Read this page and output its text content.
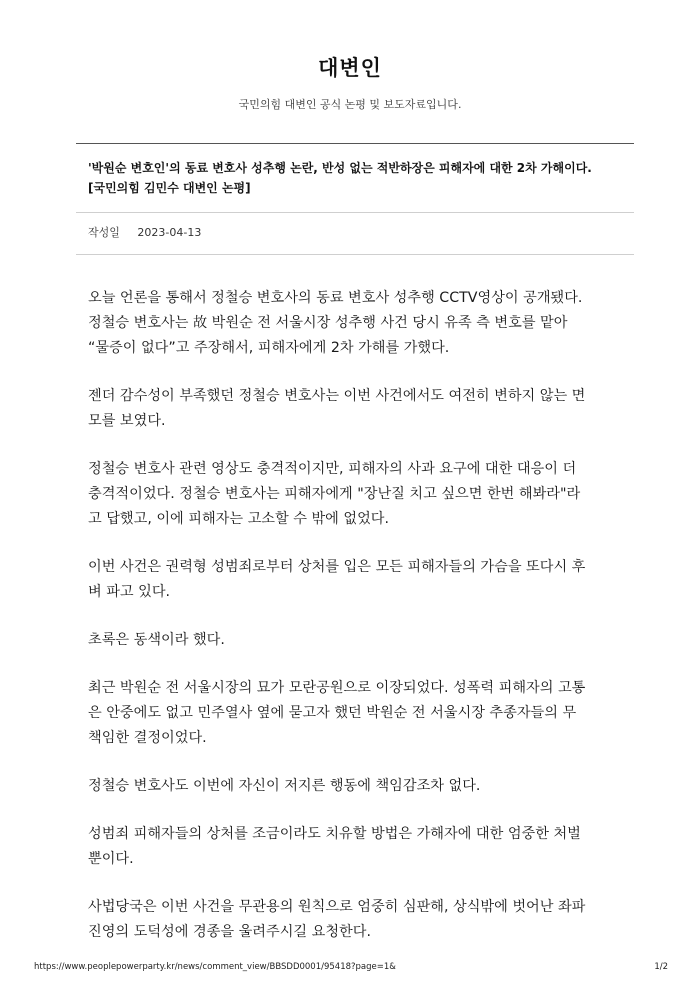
대변인
국민의힘 대변인 공식 논평 및 보도자료입니다.
'박원순 변호인'의 동료 변호사 성추행 논란, 반성 없는 적반하장은 피해자에 대한 2차 가해이다.
[국민의힘 김민수 대변인 논평]
작성일 2023-04-13
오늘 언론을 통해서 정철승 변호사의 동료 변호사 성추행 CCTV영상이 공개됐다.
정철승 변호사는 故 박원순 전 서울시장 성추행 사건 당시 유족 측 변호를 맡아
“물증이 없다”고 주장해서, 피해자에게 2차 가해를 가했다.
젠더 감수성이 부족했던 정철승 변호사는 이번 사건에서도 여전히 변하지 않는 면
모를 보였다.
정철승 변호사 관련 영상도 충격적이지만, 피해자의 사과 요구에 대한 대응이 더
충격적이었다. 정철승 변호사는 피해자에게 "장난질 치고 싶으면 한번 해봐라"라
고 답했고, 이에 피해자는 고소할 수 밖에 없었다.
이번 사건은 권력형 성범죄로부터 상처를 입은 모든 피해자들의 가슴을 또다시 후
벼 파고 있다.
초록은 동색이라 했다.
최근 박원순 전 서울시장의 묘가 모란공원으로 이장되었다. 성폭력 피해자의 고통
은 안중에도 없고 민주열사 옆에 묻고자 했던 박원순 전 서울시장 추종자들의 무
책임한 결정이었다.
정철승 변호사도 이번에 자신이 저지른 행동에 책임감조차 없다.
성범죄 피해자들의 상처를 조금이라도 치유할 방법은 가해자에 대한 엄중한 처벌
뿐이다.
사법당국은 이번 사건을 무관용의 원칙으로 엄중히 심판해, 상식밖에 벗어난 좌파
진영의 도덕성에 경종을 울려주시길 요청한다.
https://www.peoplepowerparty.kr/news/comment_view/BBSDD0001/95418?page=1&	1/2
